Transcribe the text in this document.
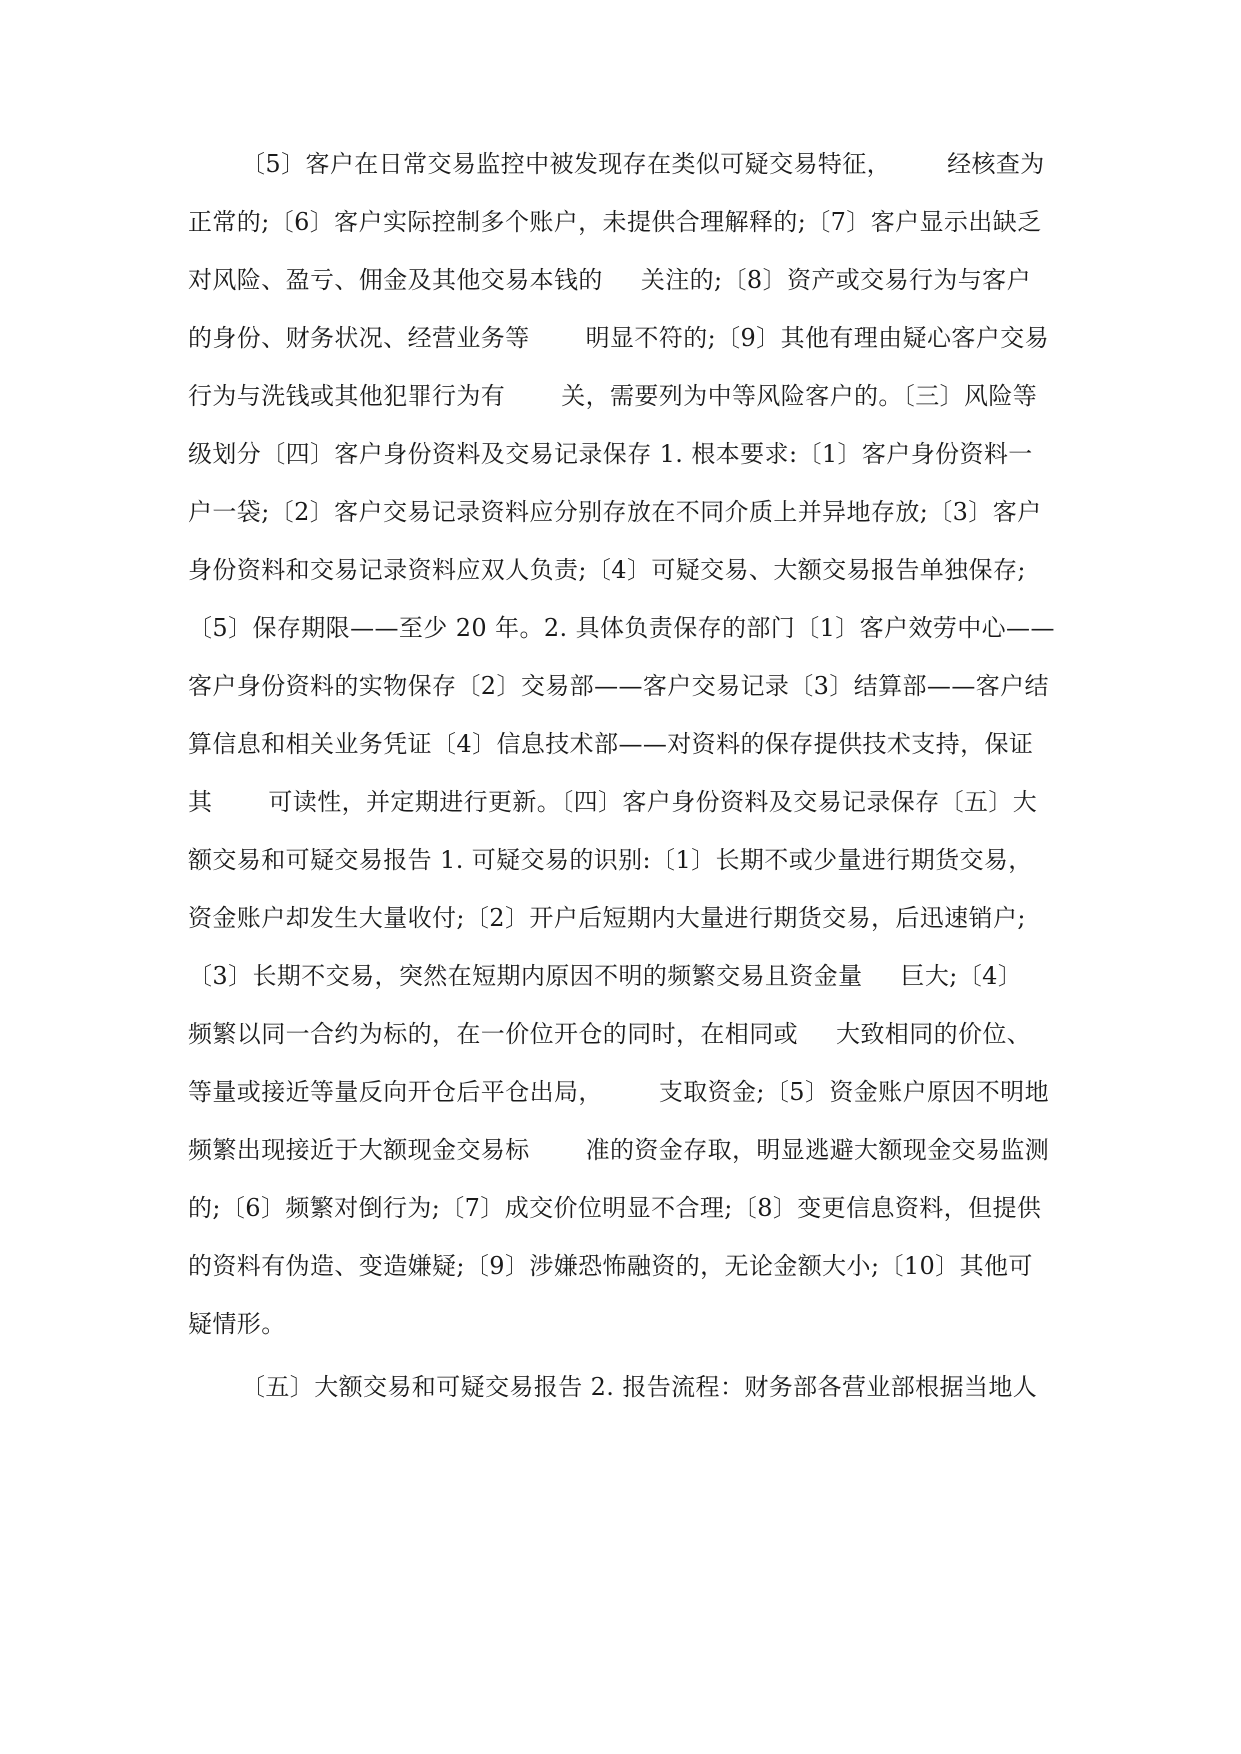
〔5〕客户在日常交易监控中被发现存在类似可疑交易特征， 经核查为
正常的;〔6〕客户实际控制多个账户，未提供合理解释的;〔7〕客户显示出缺乏
对风险、盈亏、佣金及其他交易本钱的 关注的;〔8〕资产或交易行为与客户
的身份、财务状况、经营业务等 明显不符的;〔9〕其他有理由疑心客户交易
行为与洗钱或其他犯罪行为有 关，需要列为中等风险客户的。〔三〕风险等
级划分〔四〕客户身份资料及交易记录保存 1. 根本要求:〔1〕客户身份资料一
户一袋;〔2〕客户交易记录资料应分别存放在不同介质上并异地存放;〔3〕客户
身份资料和交易记录资料应双人负责;〔4〕可疑交易、大额交易报告单独保存;
〔5〕保存期限——至少 20 年。2. 具体负责保存的部门〔1〕客户效劳中心——
客户身份资料的实物保存〔2〕交易部——客户交易记录〔3〕结算部——客户结
算信息和相关业务凭证〔4〕信息技术部——对资料的保存提供技术支持，保证
其 可读性，并定期进行更新。〔四〕客户身份资料及交易记录保存〔五〕大
额交易和可疑交易报告 1. 可疑交易的识别:〔1〕长期不或少量进行期货交易，
资金账户却发生大量收付;〔2〕开户后短期内大量进行期货交易，后迅速销户;
〔3〕长期不交易，突然在短期内原因不明的频繁交易且资金量 巨大;〔4〕
频繁以同一合约为标的，在一价位开仓的同时，在相同或 大致相同的价位、
等量或接近等量反向开仓后平仓出局， 支取资金;〔5〕资金账户原因不明地
频繁出现接近于大额现金交易标 准的资金存取，明显逃避大额现金交易监测
的;〔6〕频繁对倒行为;〔7〕成交价位明显不合理;〔8〕变更信息资料，但提供
的资料有伪造、变造嫌疑;〔9〕涉嫌恐怖融资的，无论金额大小;〔10〕其他可
疑情形。
〔五〕大额交易和可疑交易报告 2. 报告流程：财务部各营业部根据当地人
